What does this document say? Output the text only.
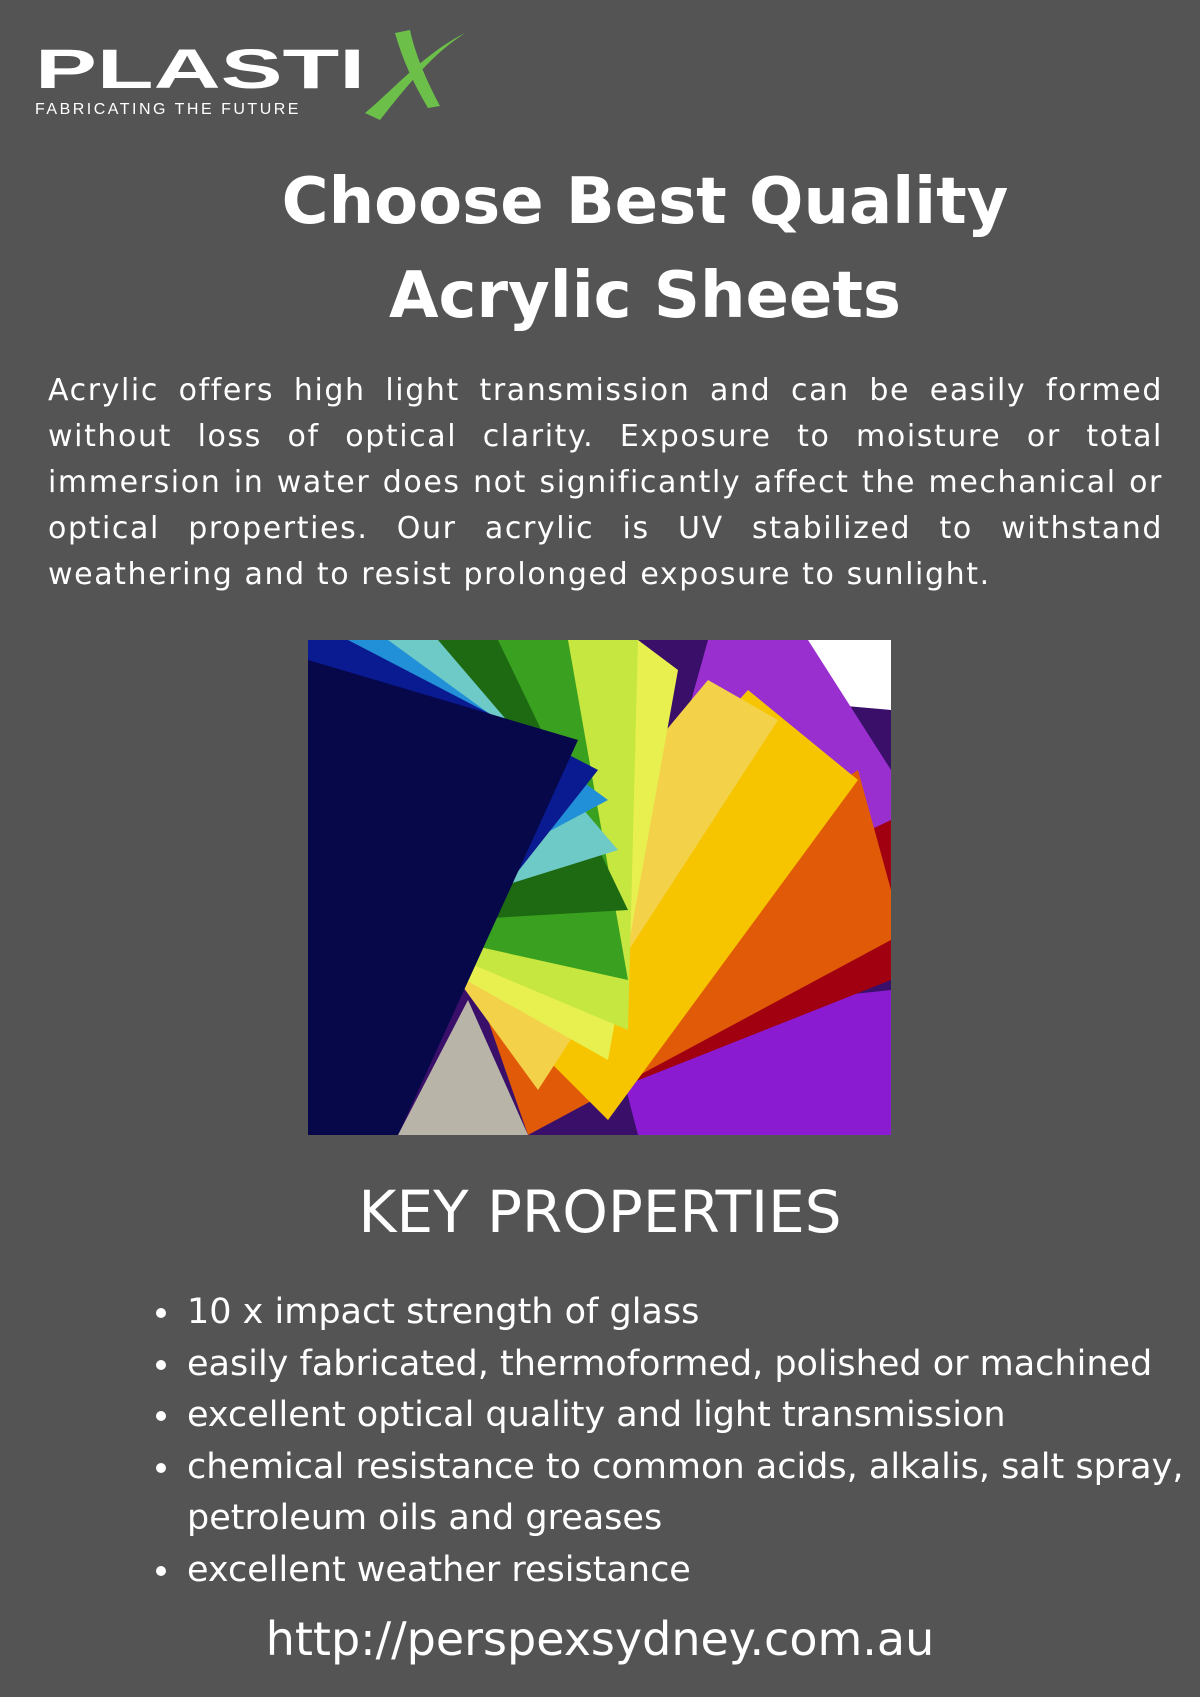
PLASTI
FABRICATING THE FUTURE
Choose Best Quality
Acrylic Sheets

Acrylic offers high light transmission and can be easily formed without loss of optical clarity. Exposure to moisture or total immersion in water does not significantly affect the mechanical or optical properties. Our acrylic is UV stabilized to withstand weathering and to resist prolonged exposure to sunlight.

KEY PROPERTIES
• 10 x impact strength of glass
• easily fabricated, thermoformed, polished or machined
• excellent optical quality and light transmission
• chemical resistance to common acids, alkalis, salt spray, petroleum oils and greases
• excellent weather resistance
http://perspexsydney.com.au
